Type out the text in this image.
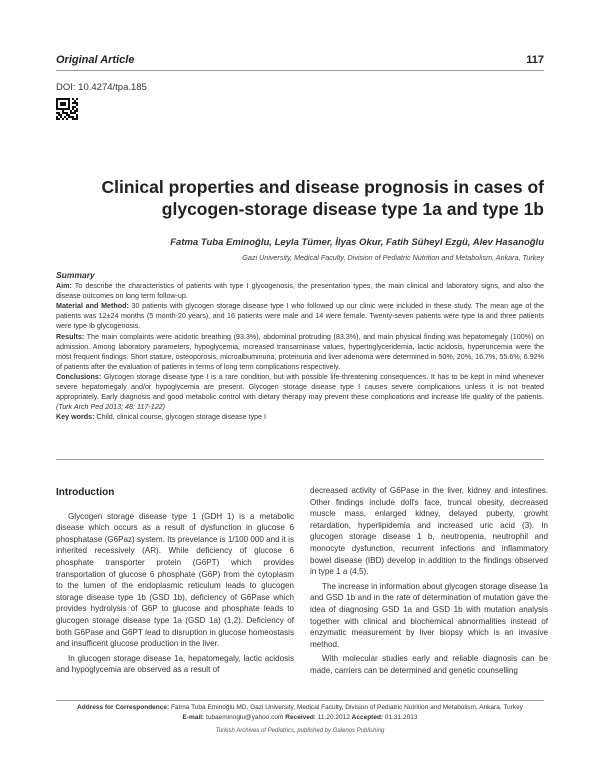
Original Article	117
DOI: 10.4274/tpa.185
Clinical properties and disease prognosis in cases of
glycogen-storage disease type 1a and type 1b
Fatma Tuba Eminoğlu, Leyla Tümer, İlyas Okur, Fatih Süheyl Ezgü, Alev Hasanoğlu
Gazi University, Medical Faculty, Division of Pediatric Nutrition and Metabolism, Ankara, Turkey
Summary

Aim: To describe the characteristics of patients with type I glycogenosis, the presentation types, the main clinical and laboratory signs, and also the disease outcomes on long term follow-up.

Material and Method: 30 patients with glycogen storage disease type I who followed up our clinic were included in these study. The mean age of the patients was 12±24 months (5 month-20 years), and 16 patients were male and 14 were female. Twenty-seven patients were type Ia and three patients were type Ib glycogenosis.

Results: The main complaints were acidotic breathing (93.3%), abdominal protruding (83.3%), and main physical finding was hepatomegaly (100%) on admission. Among laboratory parameters, hypoglycemia, increased transaminase values, hypertriglyceridemia, lactic acidosis, hyperuricemia were the most frequent findings. Short stature, osteoporosis, microalbuminuria, proteinuria and liver adenoma were determined in 50%, 20%, 16.7%, 55.6%, 6.92% of patients after the evaluation of patients in terms of long term complications respectively.

Conclusions: Glycogen storage disease type I is a rare condition, but with possible life-threatening consequences. It has to be kept in mind whenever severe hepatomegaly and/or hypoglycemia are present. Glycogen storage disease type I causes severe complications unless it is not treated appropriately. Early diagnosis and good metabolic control with dietary therapy may prevent these complications and increase life quality of the patients. (Turk Arch Ped 2013; 48: 117-122)

Key words: Child, clinical course, glycogen storage disease type I

Introduction

Glycogen storage disease type 1 (GDH 1) is a metabolic disease which occurs as a result of dysfunction in glucose 6 phosphatase (G6Paz) system. Its prevelance is 1/100 000 and it is inherited recessively (AR). While deficiency of glucose 6 phosphate transporter protein (G6PT) which provides transportation of glucose 6 phosphate (G6P) from the cytoplasm to the lumen of the endoplasmic reticulum leads to glucogen storage disease type 1b (GSD 1b), deficiency of G6Pase which provides hydrolysis of G6P to glucose and phosphate leads to glucogen storage disease type 1a (GSD 1a) (1,2). Deficiency of both G6Pase and G6PT lead to disruption in glucose homeostasis and insufficent glucose production in the liver.

In glucogen storage disease 1a, hepatomegaly, lactic acidosis and hypoglycemia are observed as a result of

decreased activity of G6Pase in the liver, kidney and intestines. Other findings include doll's face, truncal obesity, decreased muscle mass, enlarged kidney, delayed puberty, growht retardation, hyperlipidemia and increased uric acid (3). In glucogen storage disease 1 b, neutropenia, neutrophil and monocyte dysfunction, recurrent infections and inflammatory bowel disease (IBD) develop in addition to the findings observed in type 1 a (4,5).

The increase in information about glycogen storage disease 1a and GSD 1b and in the rate of determination of mutation gave the idea of diagnosing GSD 1a and GSD 1b with mutation analysis together with clinical and biochemical abnormalities instead of enzymatic measurement by liver biopsy which is an invasive method.

With molecular studies early and reliable diagnosis can be made, carriers can be determined and genetic counselling

Address for Correspondence: Fatma Tuba Eminoğlu MD, Gazi University, Medical Faculty, Division of Pediatric Nutrition and Metabolism, Ankara, Turkey
E-mail: tubaeminoglu@yahoo.com Received: 11.20.2012 Accepted: 01.31.2013
Turkish Archives of Pediatrics, published by Galenos Publishing
